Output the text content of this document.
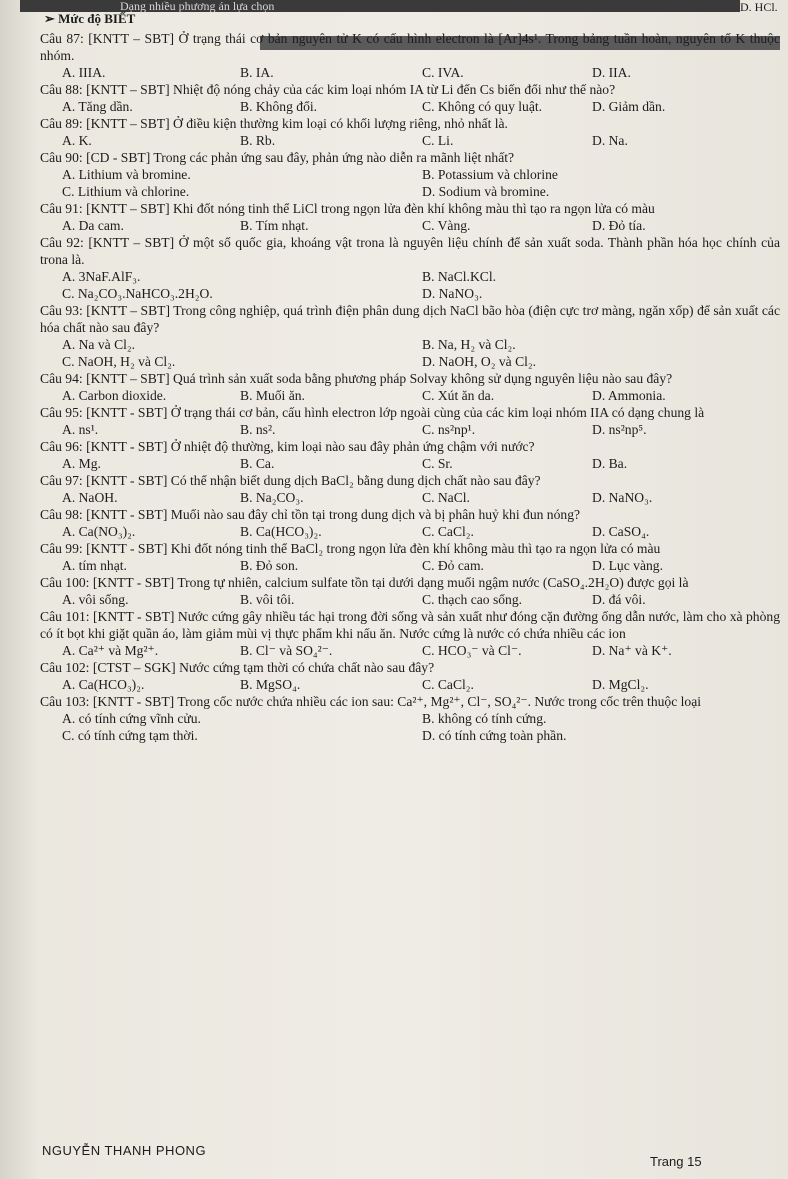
Dạng nhiều phương án lựa chọn	D. HCl.
➢ Mức độ BIẾT

Câu 87: [KNTT – SBT] Ở trạng thái cơ bản nguyên tử K có cấu hình electron là [Ar]4s¹. Trong bảng tuần hoàn, nguyên tố K thuộc nhóm.

A. IIIA.	B. IA.	C. IVA.	D. IIA.

Câu 88: [KNTT – SBT] Nhiệt độ nóng chảy của các kim loại nhóm IA từ Li đến Cs biến đổi như thế nào?

A. Tăng dần.	B. Không đổi.	C. Không có quy luật.	D. Giảm dần.

Câu 89: [KNTT – SBT] Ở điều kiện thường kim loại có khối lượng riêng, nhỏ nhất là.

A. K.	B. Rb.	C. Li.	D. Na.

Câu 90: [CD - SBT] Trong các phản ứng sau đây, phản ứng nào diễn ra mãnh liệt nhất?

A. Lithium và bromine.	B. Potassium và chlorine
C. Lithium và chlorine.	D. Sodium và bromine.

Câu 91: [KNTT – SBT] Khi đốt nóng tinh thể LiCl trong ngọn lửa đèn khí không màu thì tạo ra ngọn lửa có màu

A. Da cam.	B. Tím nhạt.	C. Vàng.	D. Đỏ tía.

Câu 92: [KNTT – SBT] Ở một số quốc gia, khoáng vật trona là nguyên liệu chính để sản xuất soda. Thành phần hóa học chính của trona là.

A. 3NaF.AlF₃.	B. NaCl.KCl.
C. Na₂CO₃.NaHCO₃.2H₂O.	D. NaNO₃.

Câu 93: [KNTT – SBT] Trong công nghiệp, quá trình điện phân dung dịch NaCl bão hòa (điện cực trơ màng, ngăn xốp) để sản xuất các hóa chất nào sau đây?

A. Na và Cl₂.	B. Na, H₂ và Cl₂.
C. NaOH, H₂ và Cl₂.	D. NaOH, O₂ và Cl₂.

Câu 94: [KNTT – SBT] Quá trình sản xuất soda bằng phương pháp Solvay không sử dụng nguyên liệu nào sau đây?

A. Carbon dioxide.	B. Muối ăn.	C. Xút ăn da.	D. Ammonia.

Câu 95: [KNTT - SBT] Ở trạng thái cơ bản, cấu hình electron lớp ngoài cùng của các kim loại nhóm IIA có dạng chung là

A. ns¹.	B. ns².	C. ns²np¹.	D. ns²np⁵.

Câu 96: [KNTT - SBT] Ở nhiệt độ thường, kim loại nào sau đây phản ứng chậm với nước?

A. Mg.	B. Ca.	C. Sr.	D. Ba.

Câu 97: [KNTT - SBT] Có thể nhận biết dung dịch BaCl₂ bằng dung dịch chất nào sau đây?

A. NaOH.	B. Na₂CO₃.	C. NaCl.	D. NaNO₃.

Câu 98: [KNTT - SBT] Muối nào sau đây chỉ tồn tại trong dung dịch và bị phân huỷ khi đun nóng?

A. Ca(NO₃)₂.	B. Ca(HCO₃)₂.	C. CaCl₂.	D. CaSO₄.

Câu 99: [KNTT - SBT] Khi đốt nóng tinh thể BaCl₂ trong ngọn lửa đèn khí không màu thì tạo ra ngọn lửa có màu

A. tím nhạt.	B. Đỏ son.	C. Đỏ cam.	D. Lục vàng.

Câu 100: [KNTT - SBT] Trong tự nhiên, calcium sulfate tồn tại dưới dạng muối ngậm nước (CaSO₄.2H₂O) được gọi là

A. vôi sống.	B. vôi tôi.	C. thạch cao sống.	D. đá vôi.

Câu 101: [KNTT - SBT] Nước cứng gây nhiều tác hại trong đời sống và sản xuất như đóng cặn đường ống dẫn nước, làm cho xà phòng có ít bọt khi giặt quần áo, làm giảm mùi vị thực phẩm khi nấu ăn. Nước cứng là nước có chứa nhiều các ion

A. Ca²⁺ và Mg²⁺.	B. Cl⁻ và SO₄²⁻.	C. HCO₃⁻ và Cl⁻.	D. Na⁺ và K⁺.

Câu 102: [CTST – SGK] Nước cứng tạm thời có chứa chất nào sau đây?

A. Ca(HCO₃)₂.	B. MgSO₄.	C. CaCl₂.	D. MgCl₂.

Câu 103: [KNTT - SBT] Trong cốc nước chứa nhiều các ion sau: Ca²⁺, Mg²⁺, Cl⁻, SO₄²⁻. Nước trong cốc trên thuộc loại

A. có tính cứng vĩnh cửu.	B. không có tính cứng.
C. có tính cứng tạm thời.	D. có tính cứng toàn phần.
NGUYỄN THANH PHONG
Trang 15
